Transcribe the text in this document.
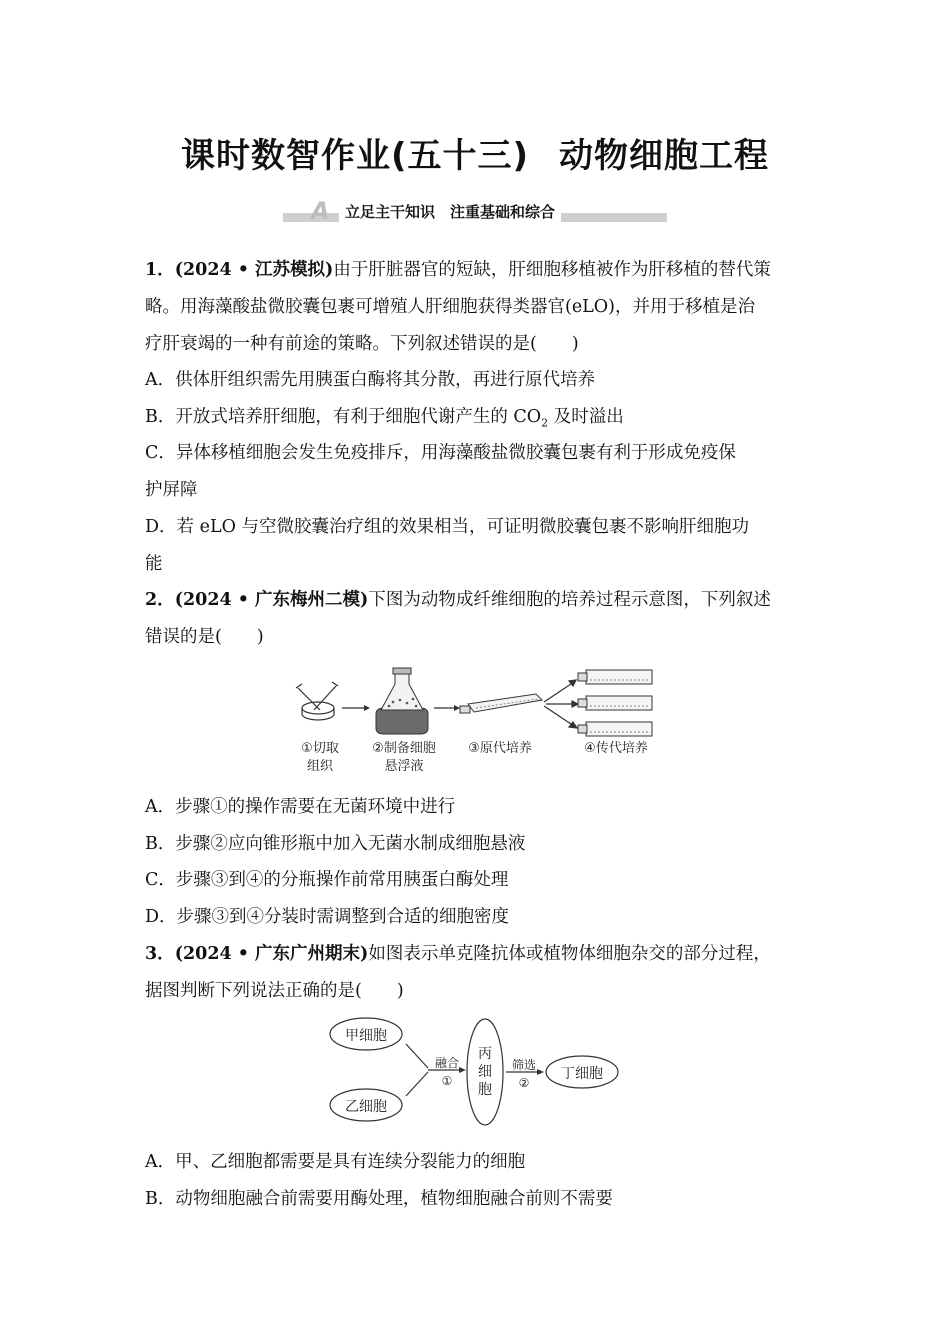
课时数智作业(五十三) 动物细胞工程
A	立足主干知识　注重基础和综合
1．(2024 • 江苏模拟)由于肝脏器官的短缺，肝细胞移植被作为肝移植的替代策
略。用海藻酸盐微胶囊包裹可增殖人肝细胞获得类器官(eLO)，并用于移植是治
疗肝衰竭的一种有前途的策略。下列叙述错误的是(　　)
A．供体肝组织需先用胰蛋白酶将其分散，再进行原代培养
B．开放式培养肝细胞，有利于细胞代谢产生的 $CO_2$ 及时溢出
C．异体移植细胞会发生免疫排斥，用海藻酸盐微胶囊包裹有利于形成免疫保
护屏障
D．若 eLO 与空微胶囊治疗组的效果相当，可证明微胶囊包裹不影响肝细胞功
能
2．(2024 • 广东梅州二模)下图为动物成纤维细胞的培养过程示意图，下列叙述
错误的是(　　)
①切取
组织
②制备细胞
悬浮液
③原代培养	④传代培养
A．步骤①的操作需要在无菌环境中进行
B．步骤②应向锥形瓶中加入无菌水制成细胞悬液
C．步骤③到④的分瓶操作前常用胰蛋白酶处理
D．步骤③到④分装时需调整到合适的细胞密度
3．(2024 • 广东广州期末)如图表示单克隆抗体或植物体细胞杂交的部分过程，
据图判断下列说法正确的是(　　)
甲细胞
乙细胞
丙
细
胞
丁细胞
融合
①
筛选
②
A．甲、乙细胞都需要是具有连续分裂能力的细胞
B．动物细胞融合前需要用酶处理，植物细胞融合前则不需要
